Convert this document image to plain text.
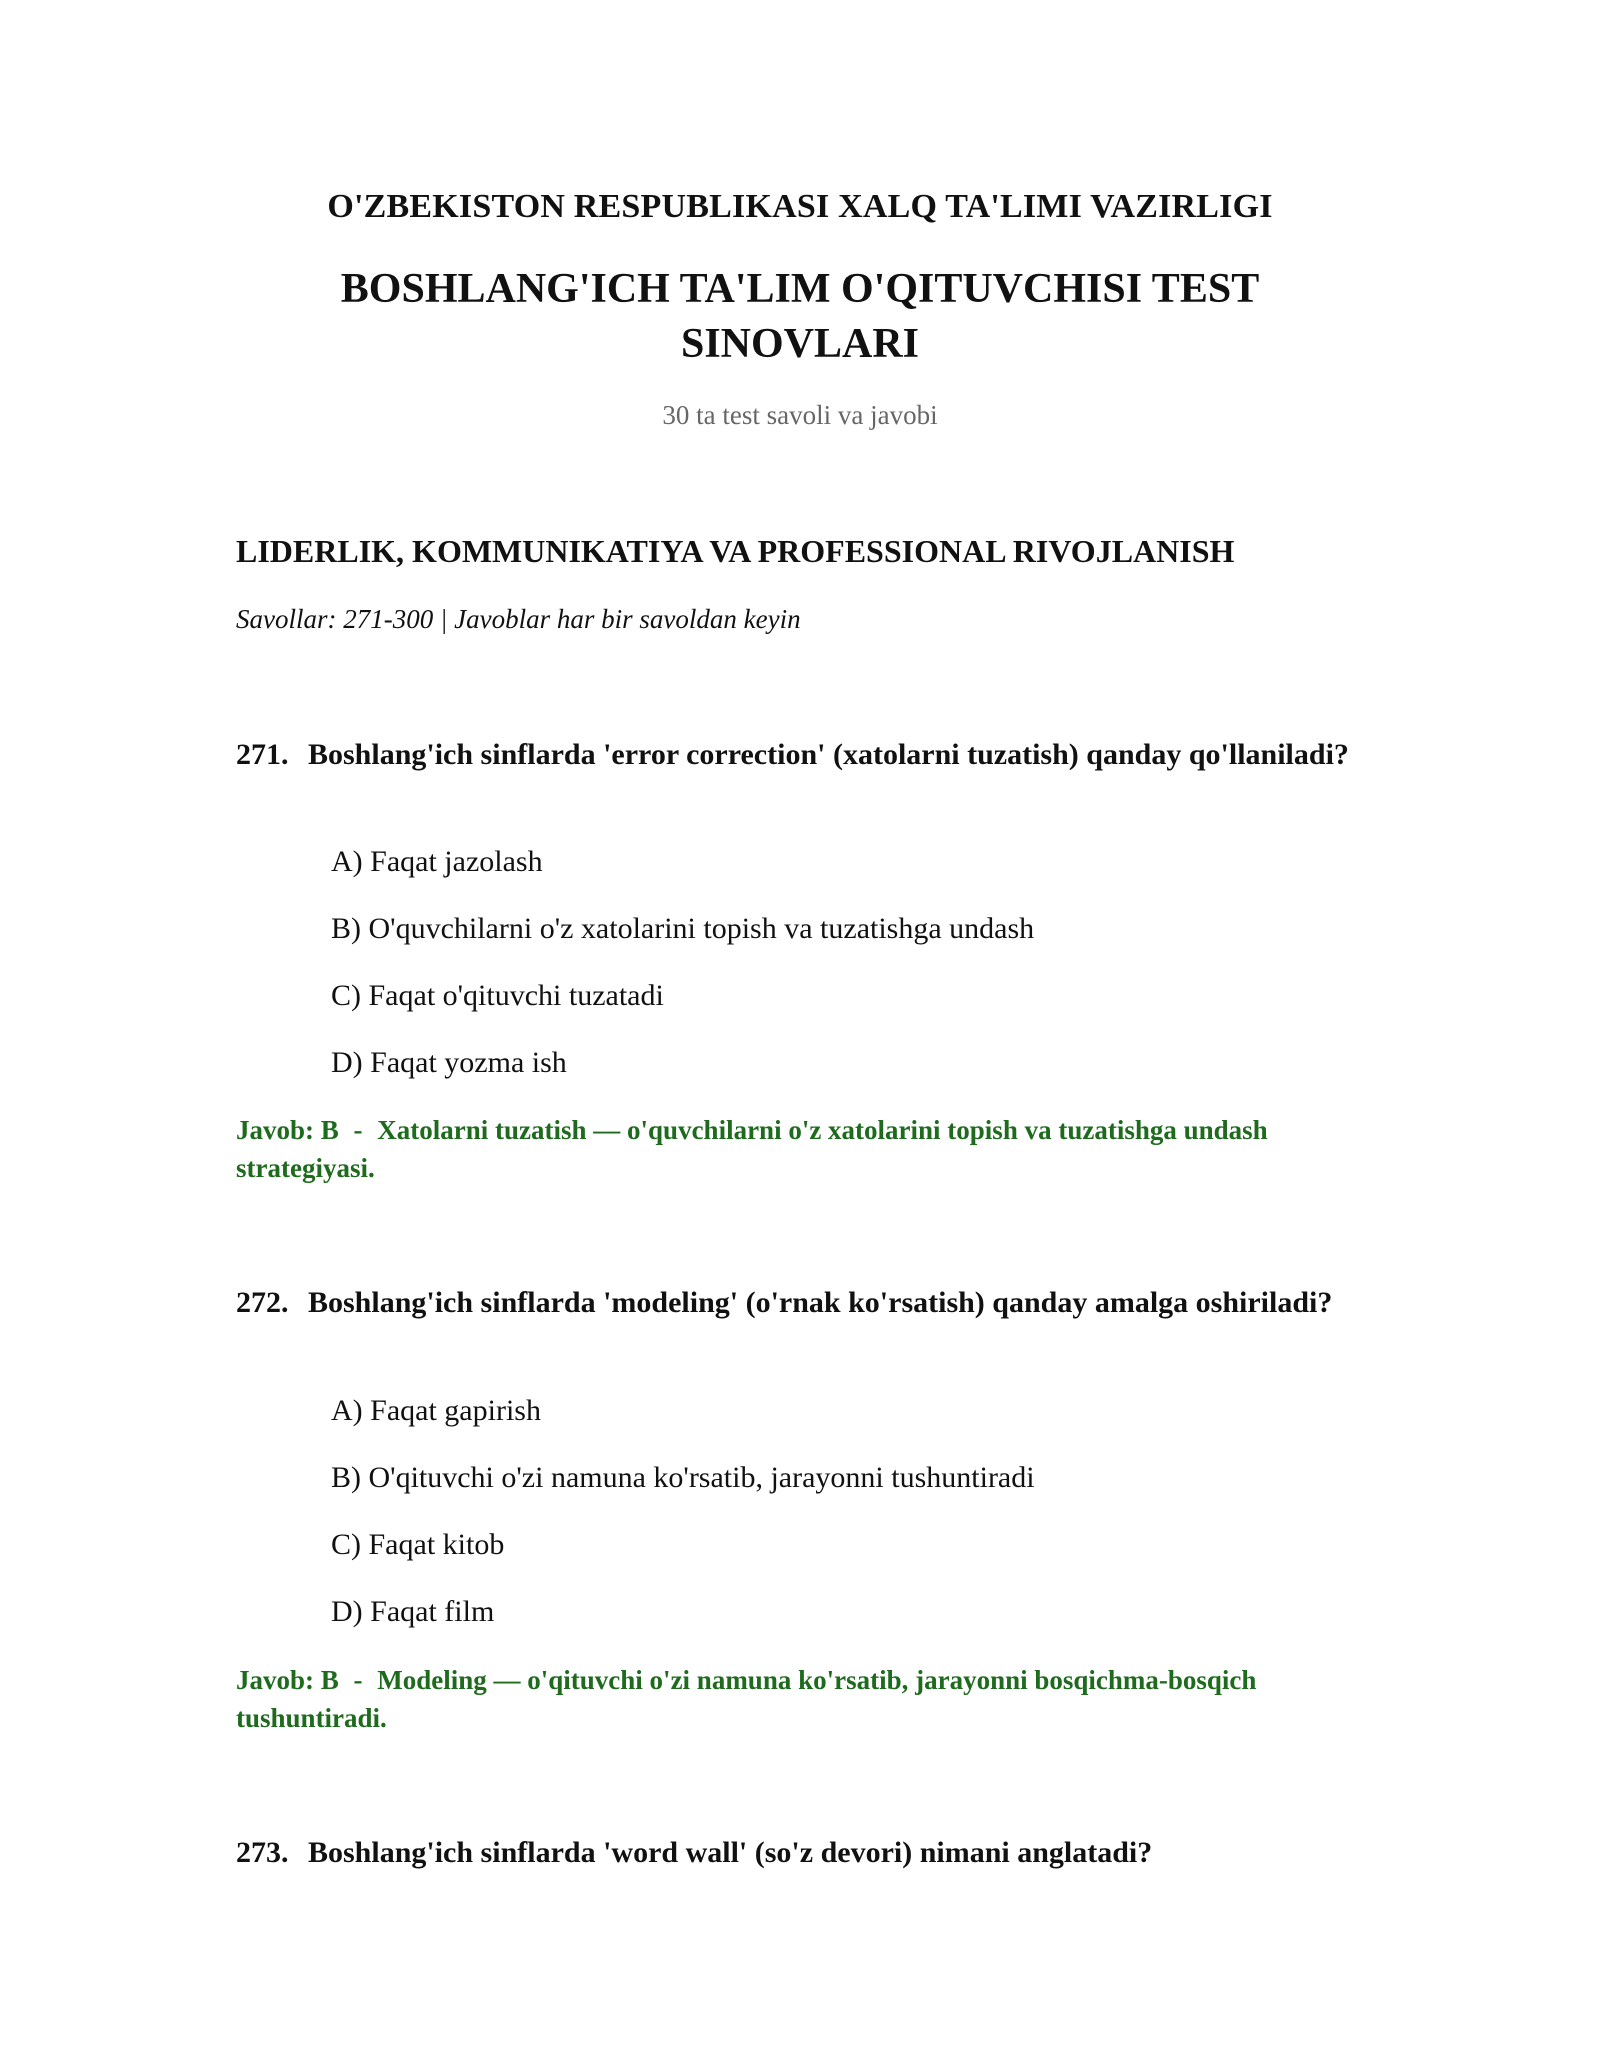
O'ZBEKISTON RESPUBLIKASI XALQ TA'LIMI VAZIRLIGI
BOSHLANG'ICH TA'LIM O'QITUVCHISI TEST SINOVLARI
30 ta test savoli va javobi
LIDERLIK, KOMMUNIKATIYA VA PROFESSIONAL RIVOJLANISH
Savollar: 271-300 | Javoblar har bir savoldan keyin
271. Boshlang'ich sinflarda 'error correction' (xatolarni tuzatish) qanday qo'llaniladi?
A) Faqat jazolash
B) O'quvchilarni o'z xatolarini topish va tuzatishga undash
C) Faqat o'qituvchi tuzatadi
D) Faqat yozma ish
Javob: B - Xatolarni tuzatish — o'quvchilarni o'z xatolarini topish va tuzatishga undash strategiyasi.
272. Boshlang'ich sinflarda 'modeling' (o'rnak ko'rsatish) qanday amalga oshiriladi?
A) Faqat gapirish
B) O'qituvchi o'zi namuna ko'rsatib, jarayonni tushuntiradi
C) Faqat kitob
D) Faqat film
Javob: B - Modeling — o'qituvchi o'zi namuna ko'rsatib, jarayonni bosqichma-bosqich tushuntiradi.
273. Boshlang'ich sinflarda 'word wall' (so'z devori) nimani anglatadi?
